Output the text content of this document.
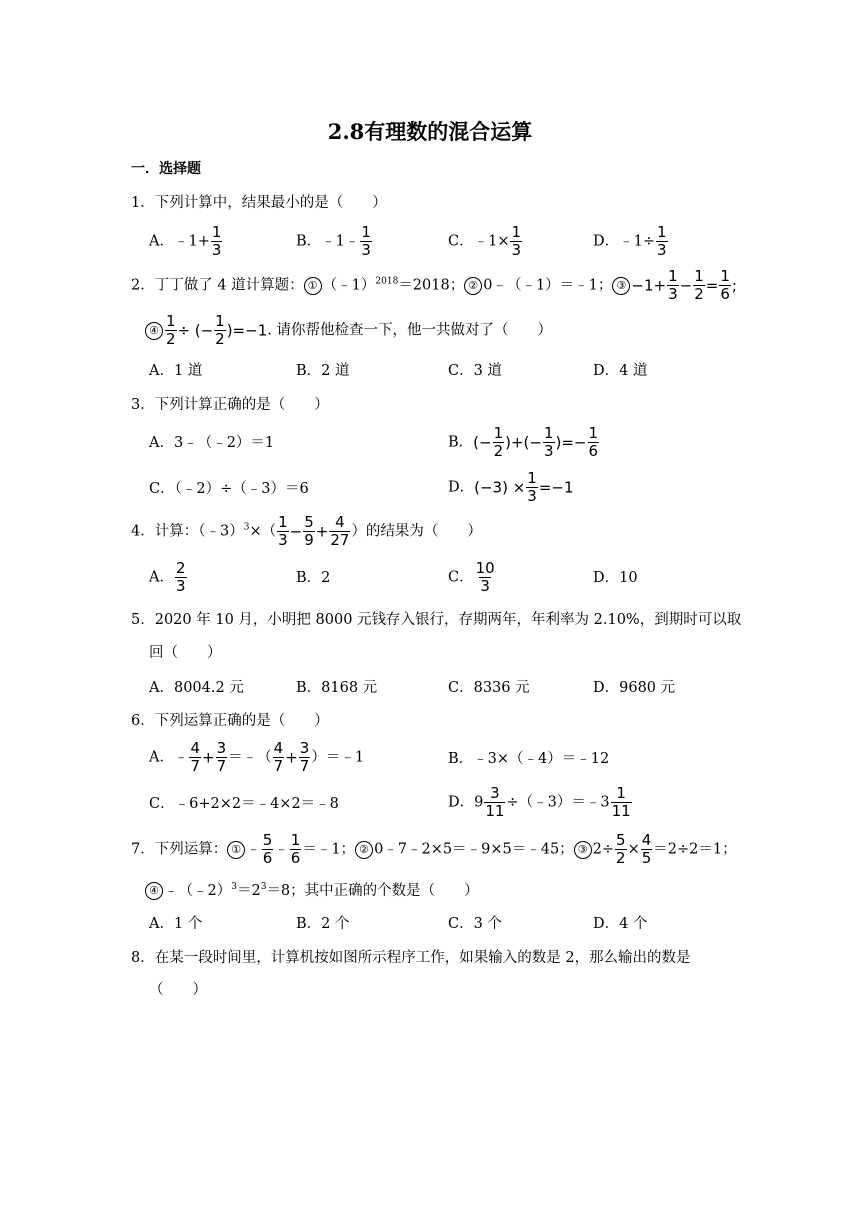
2.8有理数的混合运算
一．选择题
1．下列计算中，结果最小的是（　　）
A．﹣1+ $\frac{1}{3}$	B．﹣1﹣ $\frac{1}{3}$	C．﹣1× $\frac{1}{3}$	D．﹣1÷ $\frac{1}{3}$
2．丁丁做了 4 道计算题： ① （﹣1）$^{2018}$＝2018； ② 0﹣（﹣1）＝﹣1； ③ $-1+ \frac{1}{3} - \frac{1}{2} = \frac{1}{6}$ ;
④ $\frac{1}{2}$ ÷ (− $\frac{1}{2} )=-1$. 请你帮他检查一下，他一共做对了（　　）
A．1 道	B．2 道	C．3 道	D．4 道
3．下列计算正确的是（　　）
A．3﹣（﹣2）＝1	B．(− $\frac{1}{2}$ )+(− $\frac{1}{3}$ )=− $\frac{1}{6}$
C．（﹣2）÷（﹣3）＝6	D．$(-3) \times \frac{1}{3} =-1$
4．计算：（﹣3）$^3$×（ $\frac{1}{3} - \frac{5}{9} + \frac{4}{27}$ ）的结果为（　　）
A． $\frac{2}{3}$	B．2	C． $\frac{10}{3}$	D．10
5．2020 年 10 月，小明把 8000 元钱存入银行，存期两年，年利率为 2.10%，到期时可以取
回（　　）
A．8004.2 元	B．8168 元	C．8336 元	D．9680 元
6．下列运算正确的是（　　）
A．﹣ $\frac{4}{7} + \frac{3}{7}$ ＝﹣（ $\frac{4}{7} + \frac{3}{7}$ ）＝﹣1	B．﹣3×（﹣4）＝﹣12
C．﹣6+2×2＝﹣4×2＝﹣8	D．$9 \frac{3}{11}$ ÷（﹣3）＝﹣3 $\frac{1}{11}$
7．下列运算： ① ﹣ $\frac{5}{6}$ ﹣ $\frac{1}{6}$ ＝﹣1； ② 0﹣7﹣2×5＝﹣9×5＝﹣45； ③ $2\div \frac{5}{2} \times \frac{4}{5} =2\div 2=1$；
④ $﹣(﹣2)^3=2^3=8$；其中正确的个数是（　　）
A．1 个	B．2 个	C．3 个	D．4 个
8．在某一段时间里，计算机按如图所示程序工作，如果输入的数是 2，那么输出的数是
（　　）
